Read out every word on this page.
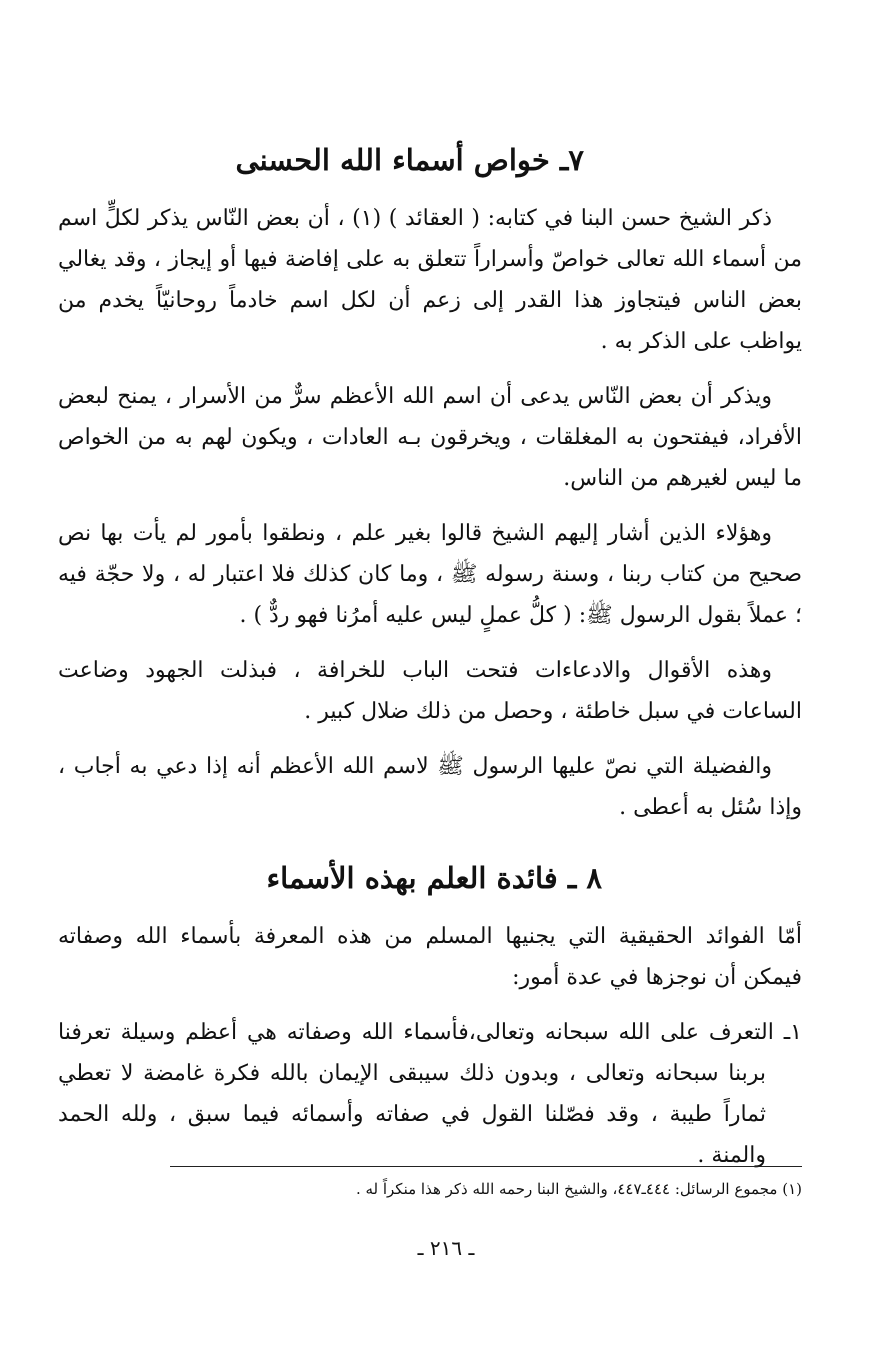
٧ـ خواص أسماء الله الحسنى

ذكر الشيخ حسن البنا في كتابه: ( العقائد ) (١) ، أن بعض النّاس يذكر لكلٍّ اسم من أسماء الله تعالى خواصّ وأسراراً تتعلق به على إفاضة فيها أو إيجاز ، وقد يغالي بعض الناس فيتجاوز هذا القدر إلى زعم أن لكل اسم خادماً روحانيّاً يخدم من يواظب على الذكر به .

ويذكر أن بعض النّاس يدعى أن اسم الله الأعظم سرٌّ من الأسرار ، يمنح لبعض الأفراد، فيفتحون به المغلقات ، ويخرقون بـه العادات ، ويكون لهم به من الخواص ما ليس لغيرهم من الناس.

وهؤلاء الذين أشار إليهم الشيخ قالوا بغير علم ، ونطقوا بأمور لم يأت بها نص صحيح من كتاب ربنا ، وسنة رسوله ﷺ ، وما كان كذلك فلا اعتبار له ، ولا حجّة فيه ؛ عملاً بقول الرسول ﷺ: ( كلُّ عملٍ ليس عليه أمرُنا فهو ردٌّ ) .

وهذه الأقوال والادعاءات فتحت الباب للخرافة ، فبذلت الجهود وضاعت الساعات في سبل خاطئة ، وحصل من ذلك ضلال كبير .

والفضيلة التي نصّ عليها الرسول ﷺ لاسم الله الأعظم أنه إذا دعي به أجاب ، وإذا سُئل به أعطى .

٨ ـ فائدة العلم بهذه الأسماء

أمّا الفوائد الحقيقية التي يجنيها المسلم من هذه المعرفة بأسماء الله وصفاته فيمكن أن نوجزها في عدة أمور:

١ـ التعرف على الله سبحانه وتعالى،فأسماء الله وصفاته هي أعظم وسيلة تعرفنا بربنا سبحانه وتعالى ، وبدون ذلك سيبقى الإيمان بالله فكرة غامضة لا تعطي ثماراً طيبة ، وقد فصّلنا القول في صفاته وأسمائه فيما سبق ، ولله الحمد والمنة .
(١) مجموع الرسائل: ٤٤٤ـ٤٤٧، والشيخ البنا رحمه الله ذكر هذا منكراً له .
ـ ٢١٦ ـ
